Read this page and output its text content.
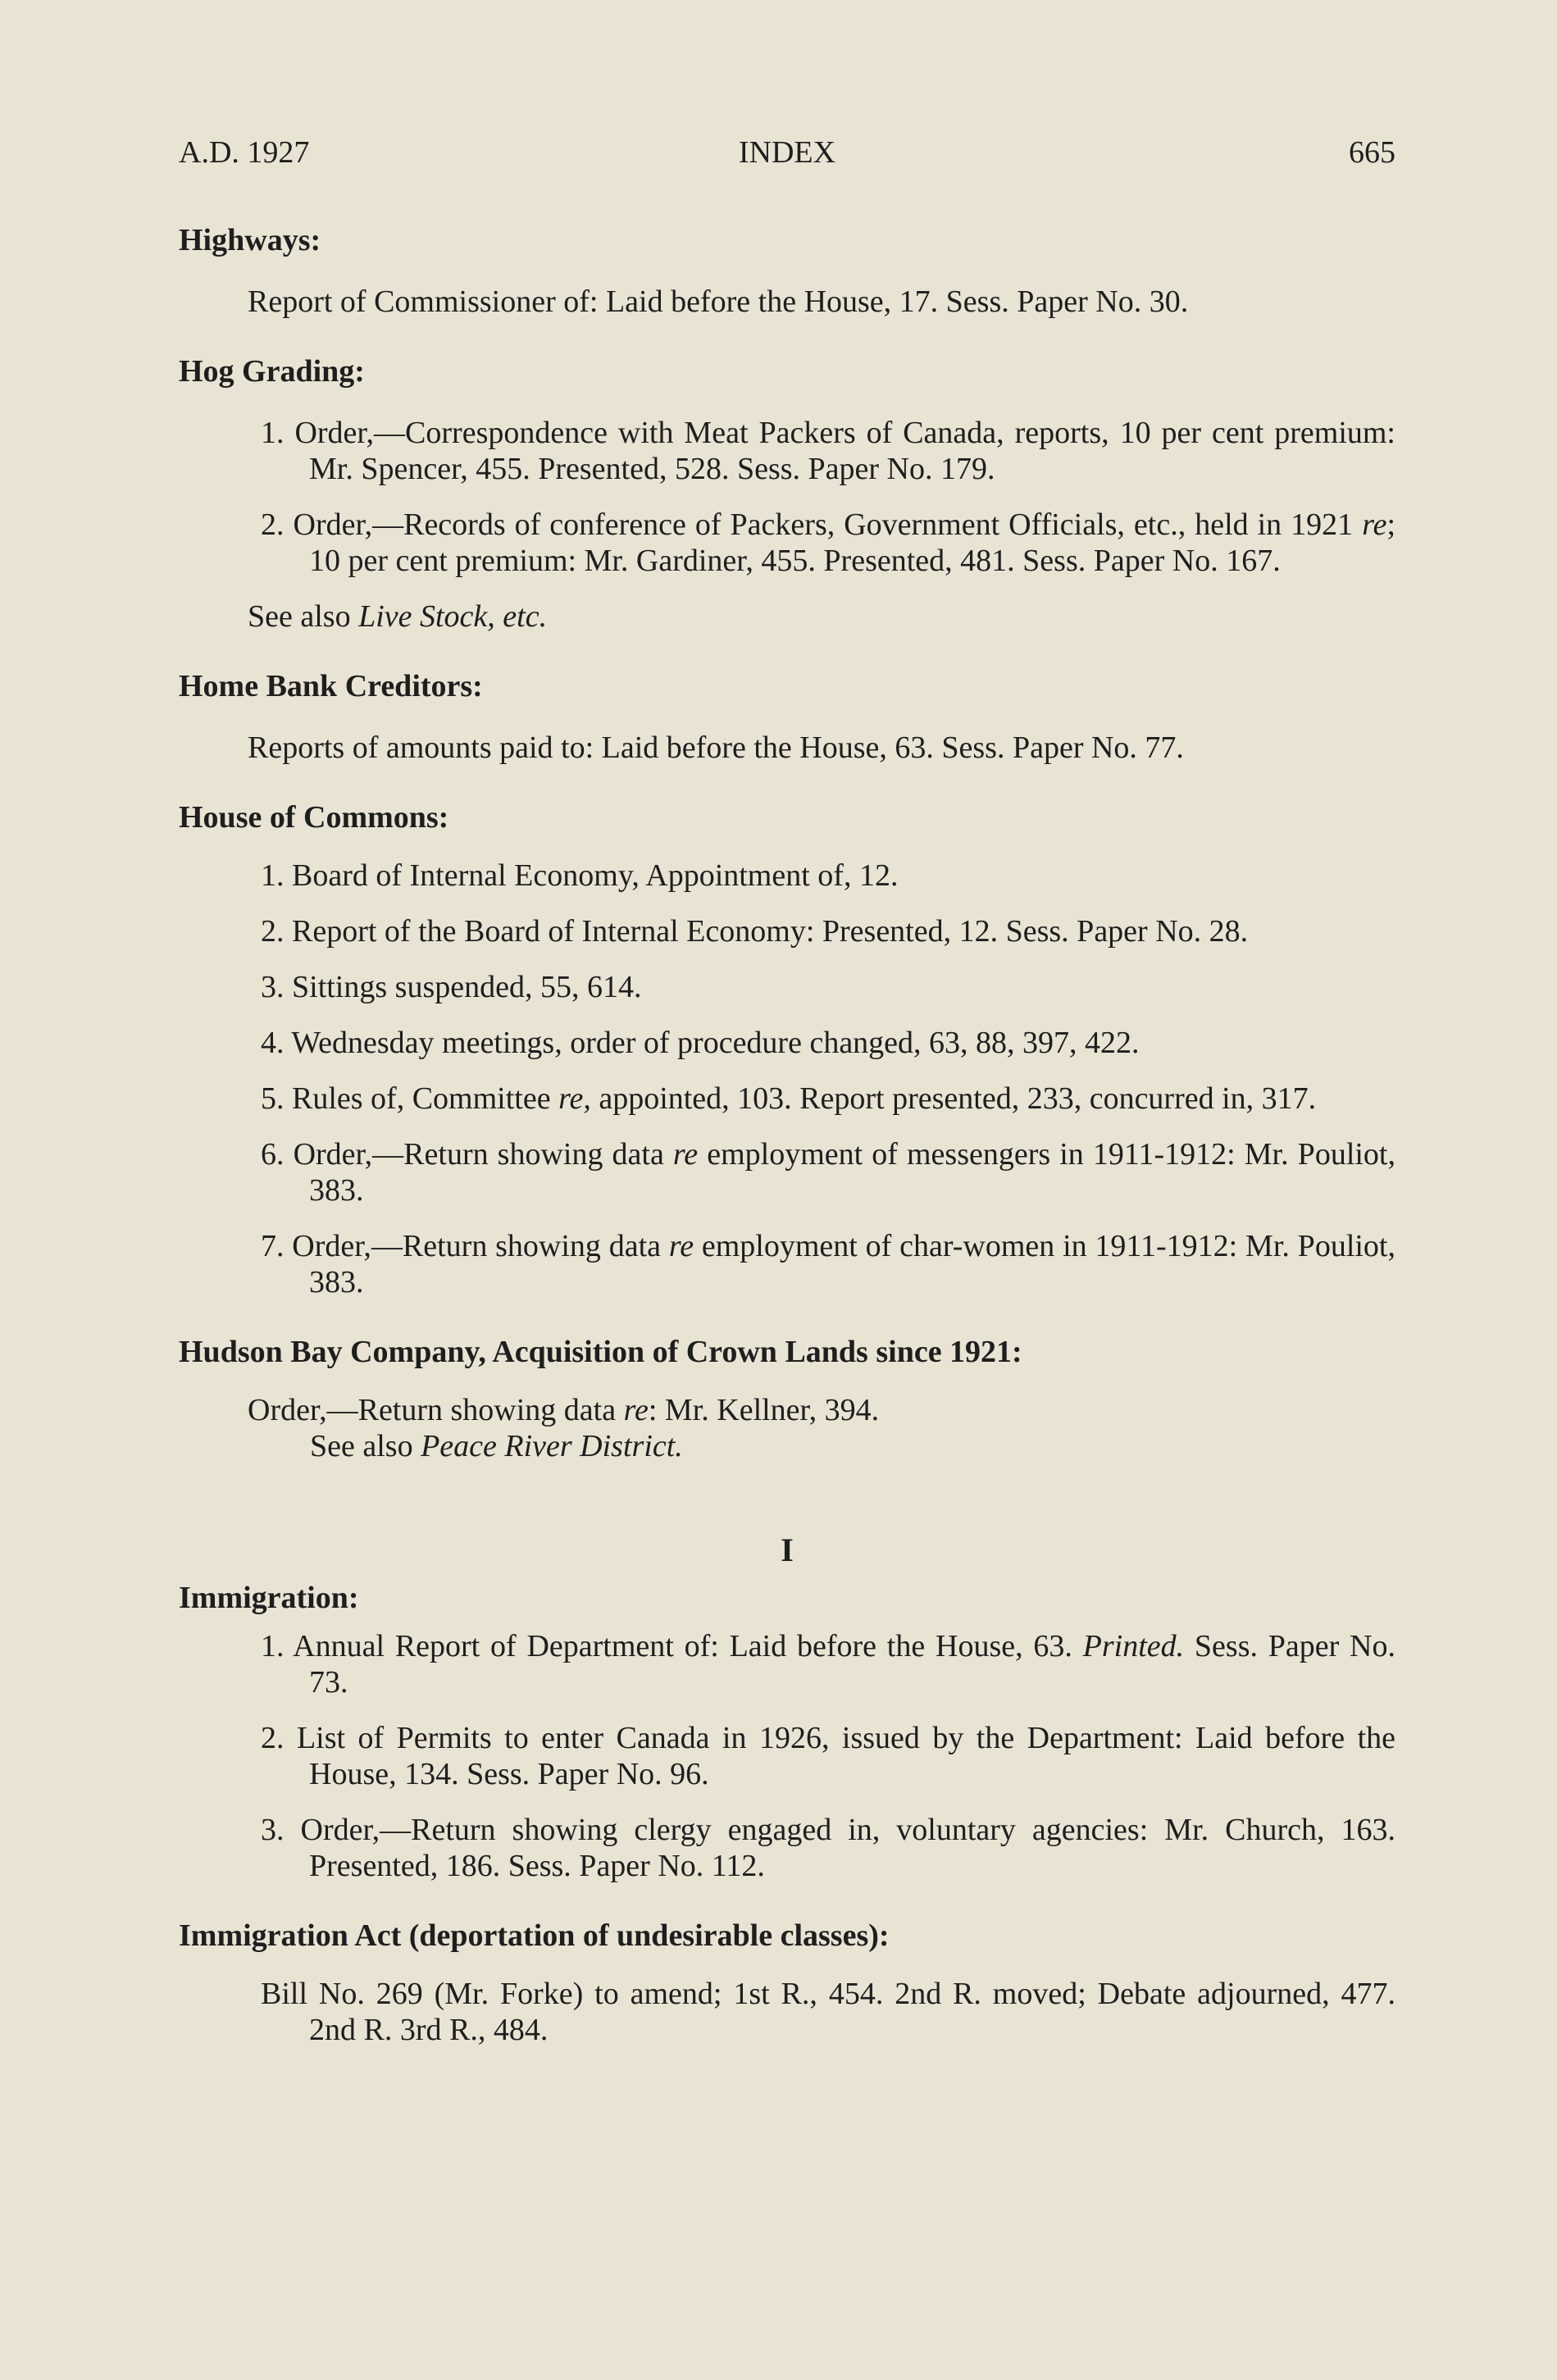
A.D. 1927	INDEX	665

Highways:

Report of Commissioner of: Laid before the House, 17. Sess. Paper No. 30.

Hog Grading:

1. Order,—Correspondence with Meat Packers of Canada, reports, 10 per cent premium: Mr. Spencer, 455. Presented, 528. Sess. Paper No. 179.

2. Order,—Records of conference of Packers, Government Officials, etc., held in 1921 re; 10 per cent premium: Mr. Gardiner, 455. Presented, 481. Sess. Paper No. 167.

See also Live Stock, etc.

Home Bank Creditors:

Reports of amounts paid to: Laid before the House, 63. Sess. Paper No. 77.

House of Commons:

1. Board of Internal Economy, Appointment of, 12.

2. Report of the Board of Internal Economy: Presented, 12. Sess. Paper No. 28.

3. Sittings suspended, 55, 614.

4. Wednesday meetings, order of procedure changed, 63, 88, 397, 422.

5. Rules of, Committee re, appointed, 103. Report presented, 233, concurred in, 317.

6. Order,—Return showing data re employment of messengers in 1911-1912: Mr. Pouliot, 383.

7. Order,—Return showing data re employment of char-women in 1911-1912: Mr. Pouliot, 383.

Hudson Bay Company, Acquisition of Crown Lands since 1921:

Order,—Return showing data re: Mr. Kellner, 394.

See also Peace River District.

I

Immigration:

1. Annual Report of Department of: Laid before the House, 63. Printed. Sess. Paper No. 73.

2. List of Permits to enter Canada in 1926, issued by the Department: Laid before the House, 134. Sess. Paper No. 96.

3. Order,—Return showing clergy engaged in, voluntary agencies: Mr. Church, 163. Presented, 186. Sess. Paper No. 112.

Immigration Act (deportation of undesirable classes):

Bill No. 269 (Mr. Forke) to amend; 1st R., 454. 2nd R. moved; Debate adjourned, 477. 2nd R. 3rd R., 484.
